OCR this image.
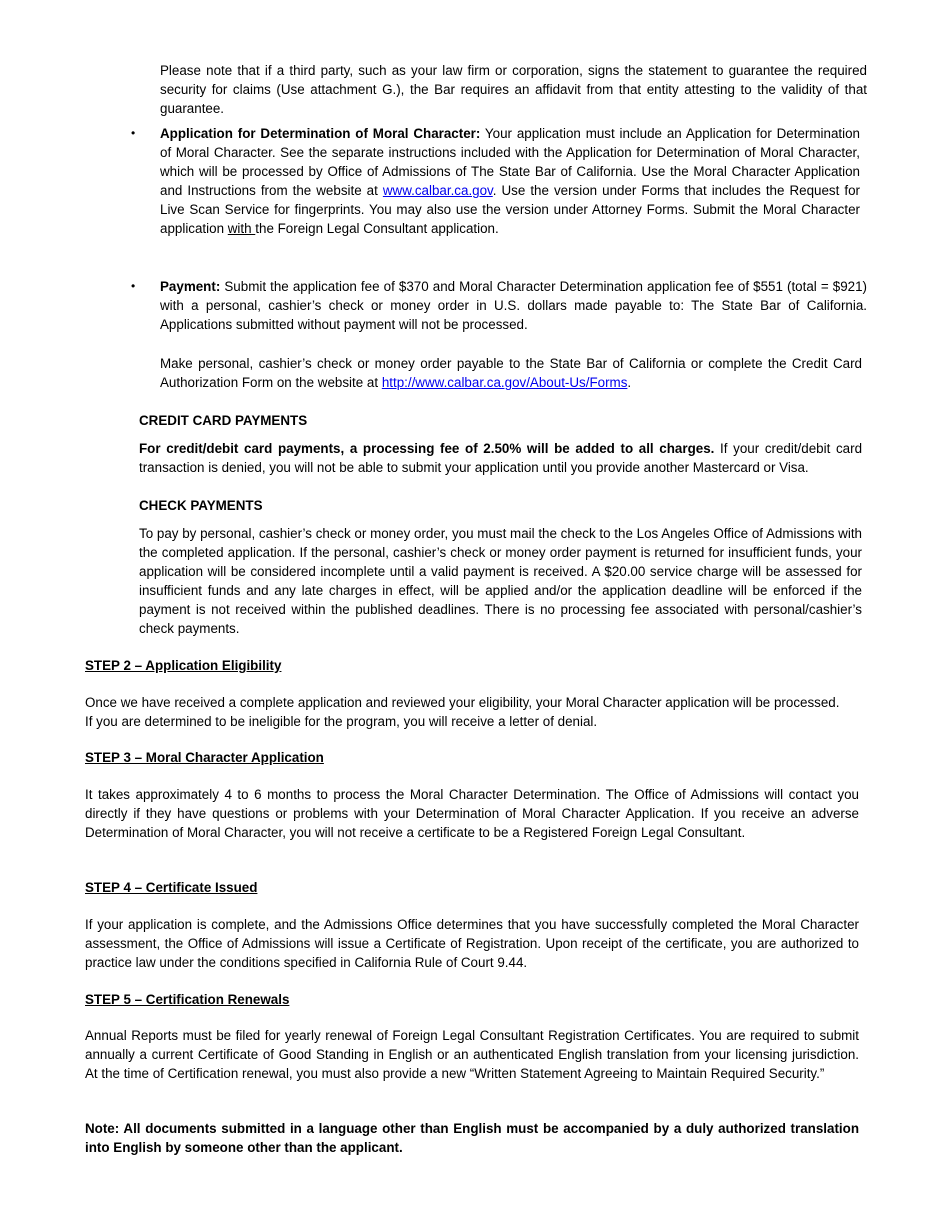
Please note that if a third party, such as your law firm or corporation, signs the statement to guarantee the required security for claims (Use attachment G.), the Bar requires an affidavit from that entity attesting to the validity of that guarantee.

• Application for Determination of Moral Character: Your application must include an Application for Determination of Moral Character. See the separate instructions included with the Application for Determination of Moral Character, which will be processed by Office of Admissions of The State Bar of California. Use the Moral Character Application and Instructions from the website at www.calbar.ca.gov. Use the version under Forms that includes the Request for Live Scan Service for fingerprints. You may also use the version under Attorney Forms. Submit the Moral Character application with the Foreign Legal Consultant application.

• Payment: Submit the application fee of $370 and Moral Character Determination application fee of $551 (total = $921) with a personal, cashier’s check or money order in U.S. dollars made payable to: The State Bar of California. Applications submitted without payment will not be processed.

Make personal, cashier’s check or money order payable to the State Bar of California or complete the Credit Card Authorization Form on the website at http://www.calbar.ca.gov/About-Us/Forms.

CREDIT CARD PAYMENTS

For credit/debit card payments, a processing fee of 2.50% will be added to all charges. If your credit/debit card transaction is denied, you will not be able to submit your application until you provide another Mastercard or Visa.

CHECK PAYMENTS

To pay by personal, cashier’s check or money order, you must mail the check to the Los Angeles Office of Admissions with the completed application. If the personal, cashier’s check or money order payment is returned for insufficient funds, your application will be considered incomplete until a valid payment is received. A $20.00 service charge will be assessed for insufficient funds and any late charges in effect, will be applied and/or the application deadline will be enforced if the payment is not received within the published deadlines. There is no processing fee associated with personal/cashier’s check payments.

STEP 2 – Application Eligibility

Once we have received a complete application and reviewed your eligibility, your Moral Character application will be processed. If you are determined to be ineligible for the program, you will receive a letter of denial.

STEP 3 – Moral Character Application

It takes approximately 4 to 6 months to process the Moral Character Determination. The Office of Admissions will contact you directly if they have questions or problems with your Determination of Moral Character Application. If you receive an adverse Determination of Moral Character, you will not receive a certificate to be a Registered Foreign Legal Consultant.

STEP 4 – Certificate Issued

If your application is complete, and the Admissions Office determines that you have successfully completed the Moral Character assessment, the Office of Admissions will issue a Certificate of Registration. Upon receipt of the certificate, you are authorized to practice law under the conditions specified in California Rule of Court 9.44.

STEP 5 – Certification Renewals

Annual Reports must be filed for yearly renewal of Foreign Legal Consultant Registration Certificates. You are required to submit annually a current Certificate of Good Standing in English or an authenticated English translation from your licensing jurisdiction. At the time of Certification renewal, you must also provide a new “Written Statement Agreeing to Maintain Required Security.”

Note: All documents submitted in a language other than English must be accompanied by a duly authorized translation into English by someone other than the applicant.
